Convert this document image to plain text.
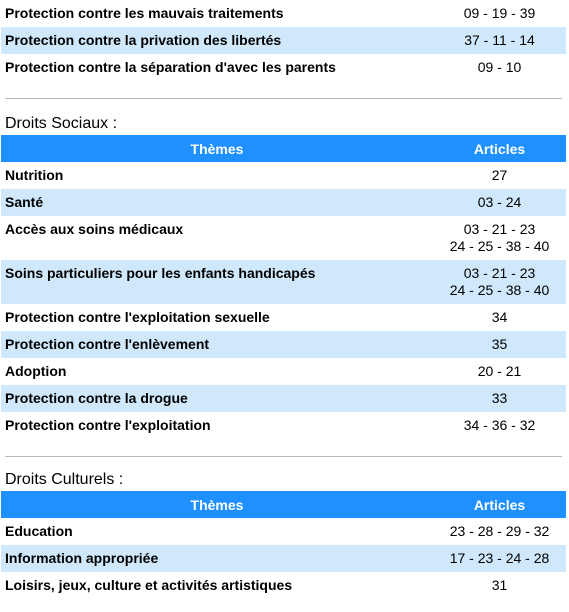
Protection contre les mauvais traitements	09 - 19 - 39

Protection contre la privation des libertés	37 - 11 - 14

Protection contre la séparation d'avec les parents	09 - 10
Droits Sociaux :
Thèmes	Articles
Nutrition	27

Santé	03 - 24

Accès aux soins médicaux	03 - 21 - 23
24 - 25 - 38 - 40

Soins particuliers pour les enfants handicapés	03 - 21 - 23
24 - 25 - 38 - 40

Protection contre l'exploitation sexuelle	34

Protection contre l'enlèvement	35

Adoption	20 - 21

Protection contre la drogue	33

Protection contre l'exploitation	34 - 36 - 32
Droits Culturels :
Thèmes	Articles
Education	23 - 28 - 29 - 32

Information appropriée	17 - 23 - 24 - 28

Loisirs, jeux, culture et activités artistiques	31
